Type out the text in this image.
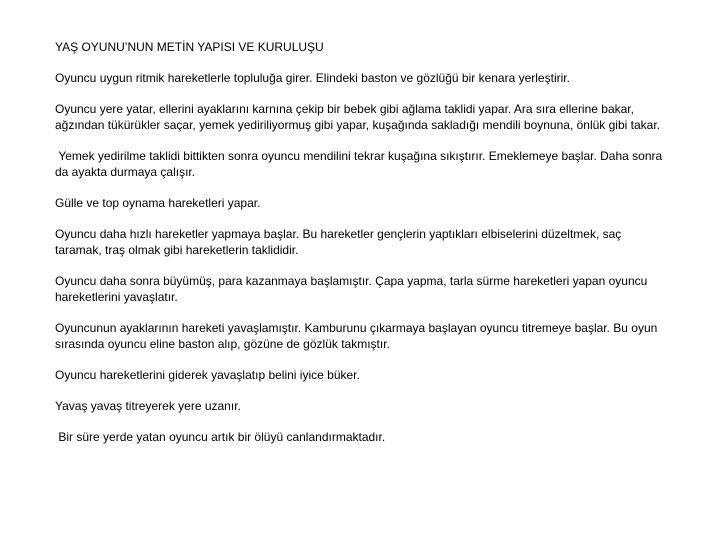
YAŞ OYUNU’NUN METİN YAPISI VE KURULUŞU
Oyuncu uygun ritmik hareketlerle topluluğa girer. Elindeki baston ve gözlüğü bir kenara yerleştirir.
Oyuncu yere yatar, ellerini ayaklarını karnına çekip bir bebek gibi ağlama taklidi yapar. Ara sıra ellerine bakar, ağzından tükürükler saçar, yemek yediriliyormuş gibi yapar, kuşağında sakladığı mendili boynuna, önlük gibi takar.
Yemek yedirilme taklidi bittikten sonra oyuncu mendilini tekrar kuşağına sıkıştırır. Emeklemeye başlar. Daha sonra da ayakta durmaya çalışır.
Gülle ve top oynama hareketleri yapar.
Oyuncu daha hızlı hareketler yapmaya başlar. Bu hareketler gençlerin yaptıkları elbiselerini düzeltmek, saç taramak, traş olmak gibi hareketlerin taklididir.
Oyuncu daha sonra büyümüş, para kazanmaya başlamıştır. Çapa yapma, tarla sürme hareketleri yapan oyuncu hareketlerini yavaşlatır.
Oyuncunun ayaklarının hareketi yavaşlamıştır. Kamburunu çıkarmaya başlayan oyuncu titremeye başlar. Bu oyun sırasında oyuncu eline baston alıp, gözüne de gözlük takmıştır.
Oyuncu hareketlerini giderek yavaşlatıp belini iyice büker.
Yavaş yavaş titreyerek yere uzanır.
Bir süre yerde yatan oyuncu artık bir ölüyü canlandırmaktadır.
